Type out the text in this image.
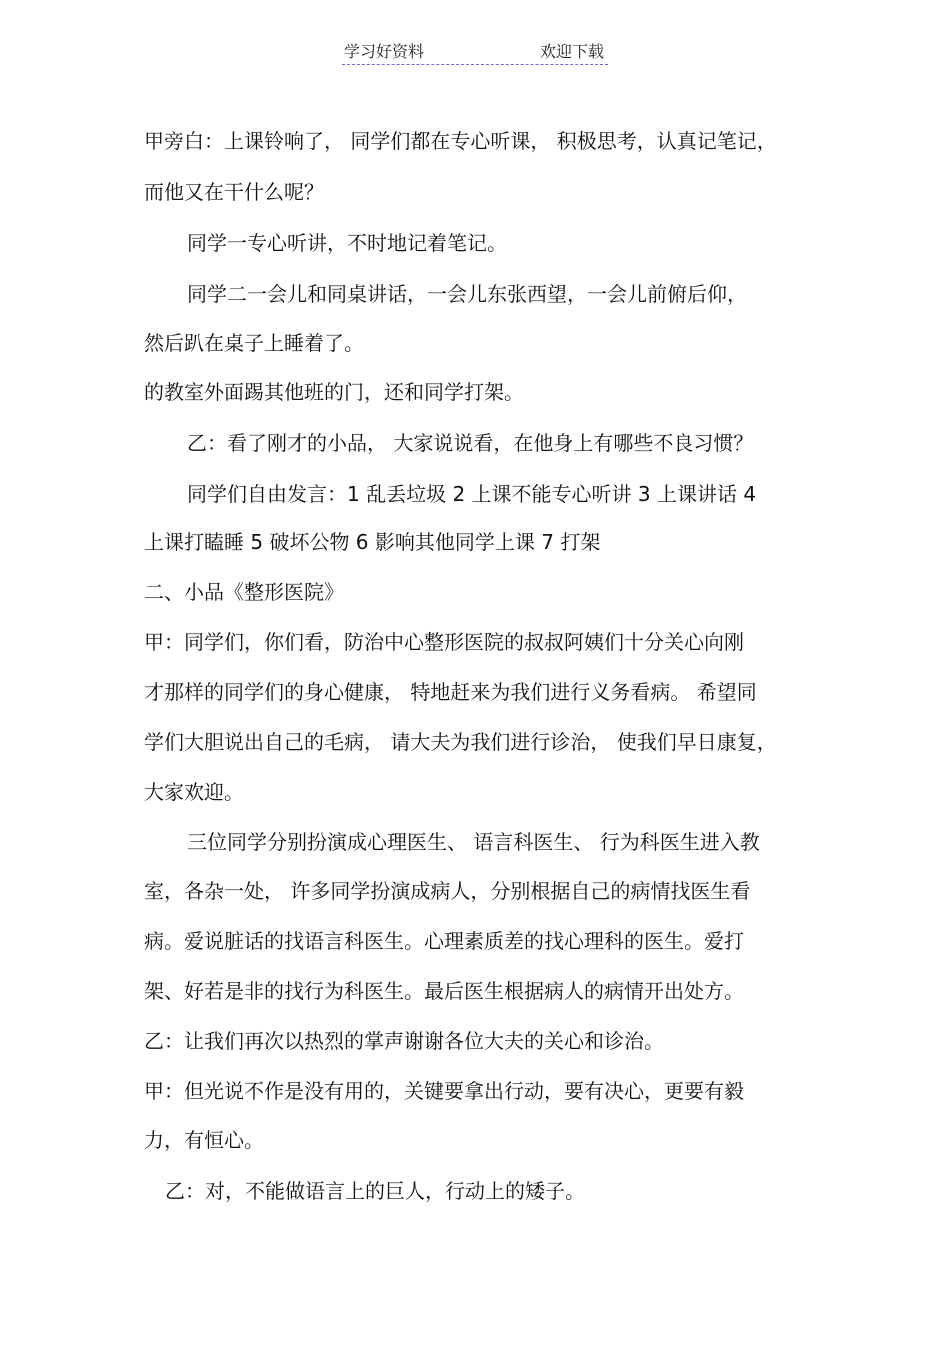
学习好资料	欢迎下载
甲旁白：上课铃响了， 同学们都在专心听课， 积极思考，认真记笔记，
而他又在干什么呢？
同学一专心听讲，不时地记着笔记。
同学二一会儿和同桌讲话，一会儿东张西望，一会儿前俯后仰，
然后趴在桌子上睡着了。
的教室外面踢其他班的门，还和同学打架。
乙：看了刚才的小品， 大家说说看，在他身上有哪些不良习惯？
同学们自由发言：1 乱丢垃圾 2 上课不能专心听讲 3 上课讲话 4
上课打瞌睡 5 破坏公物 6 影响其他同学上课 7 打架
二、小品《整形医院》
甲：同学们，你们看，防治中心整形医院的叔叔阿姨们十分关心向刚
才那样的同学们的身心健康， 特地赶来为我们进行义务看病。 希望同
学们大胆说出自己的毛病， 请大夫为我们进行诊治， 使我们早日康复，
大家欢迎。
三位同学分别扮演成心理医生、 语言科医生、 行为科医生进入教
室，各杂一处， 许多同学扮演成病人，分别根据自己的病情找医生看
病。爱说脏话的找语言科医生。心理素质差的找心理科的医生。爱打
架、好若是非的找行为科医生。最后医生根据病人的病情开出处方。
乙：让我们再次以热烈的掌声谢谢各位大夫的关心和诊治。
甲：但光说不作是没有用的，关键要拿出行动，要有决心，更要有毅
力，有恒心。
乙：对，不能做语言上的巨人，行动上的矮子。
